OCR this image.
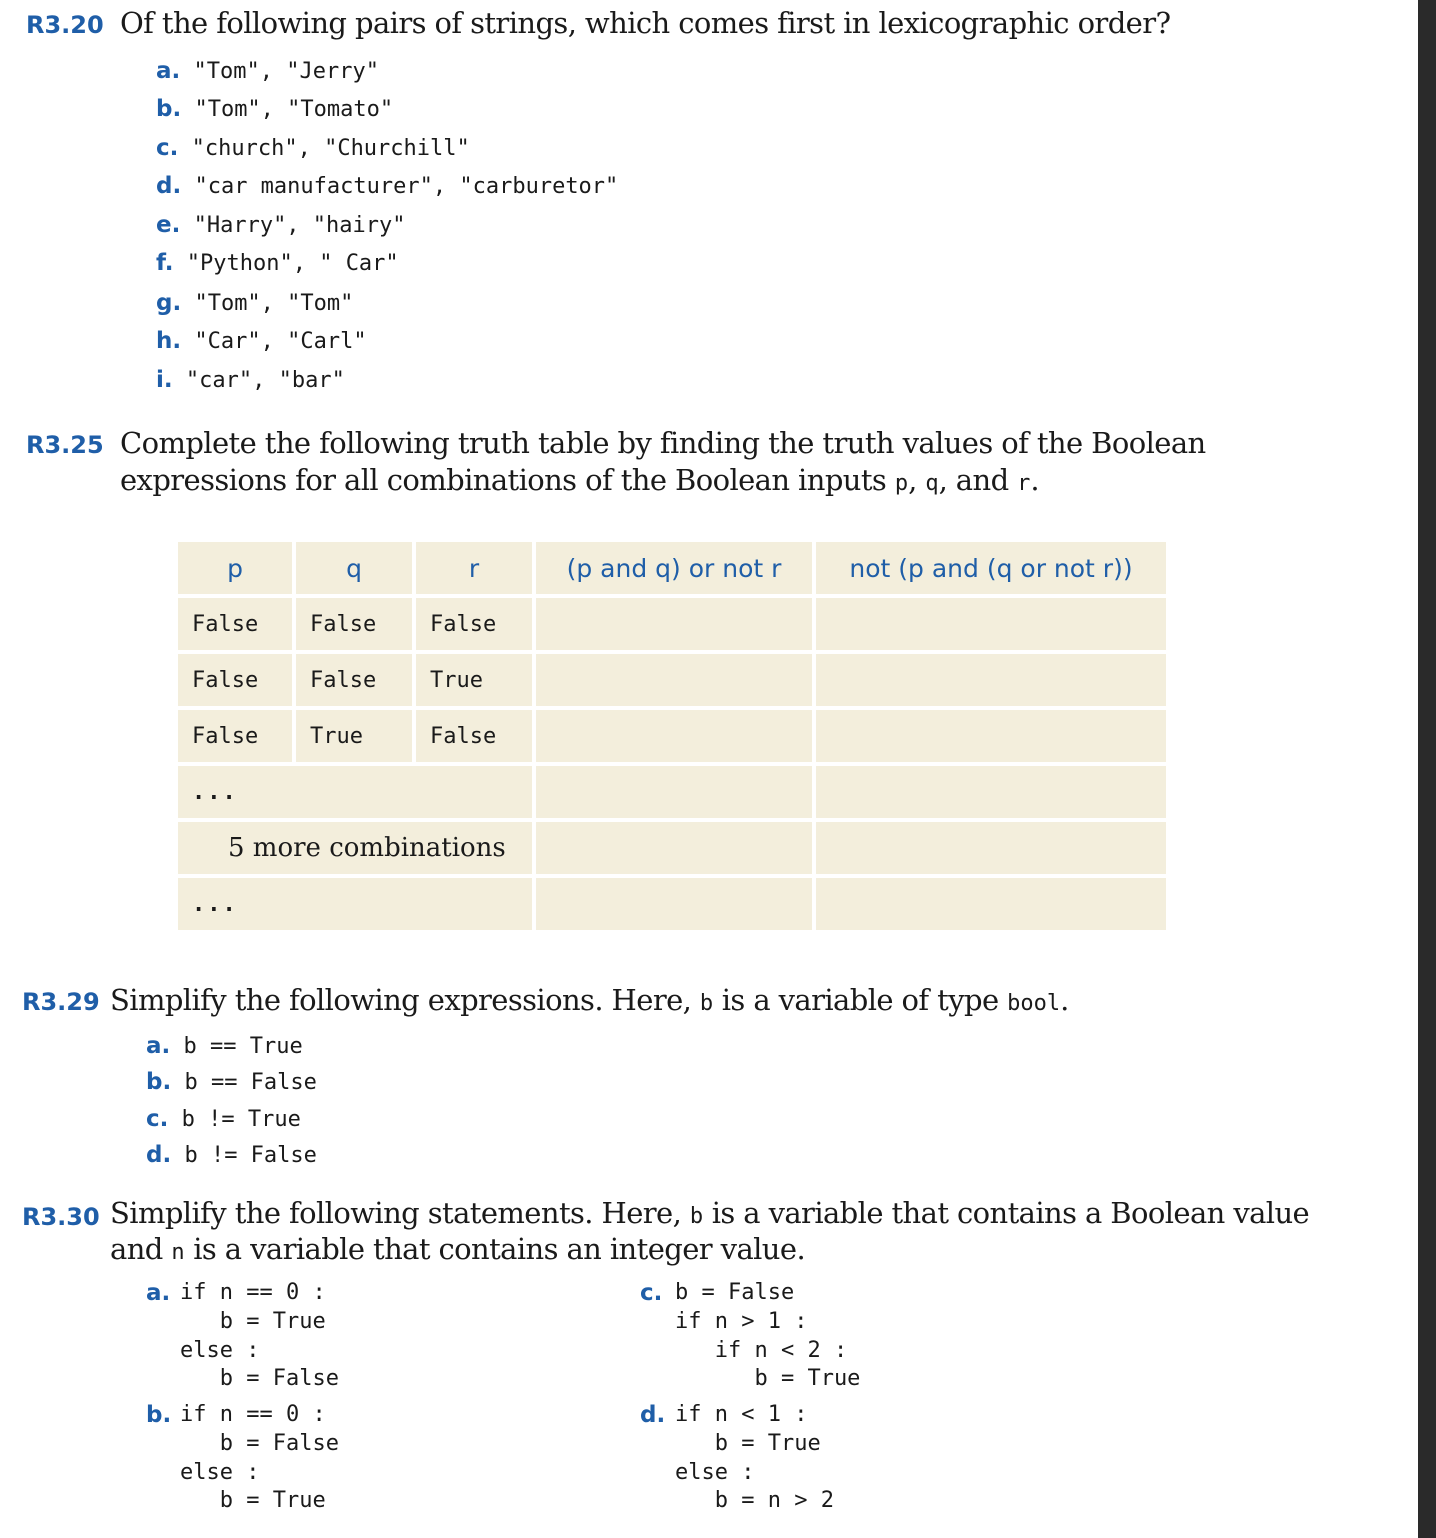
R3.20 Of the following pairs of strings, which comes first in lexicographic order?
a. "Tom", "Jerry"
b. "Tom", "Tomato"
c. "church", "Churchill"
d. "car manufacturer", "carburetor"
e. "Harry", "hairy"
f. "Python", " Car"
g. "Tom", "Tom"
h. "Car", "Carl"
i. "car", "bar"
R3.25 Complete the following truth table by finding the truth values of the Boolean
expressions for all combinations of the Boolean inputs p, q, and r.
p	q	r	(p and q) or not r	not (p and (q or not r))
False	False	False		
False	False	True		
False	True	False		
...				
5 more combinations				
...				
R3.29 Simplify the following expressions. Here, b is a variable of type bool.
a. b == True
b. b == False
c. b != True
d. b != False
R3.30 Simplify the following statements. Here, b is a variable that contains a Boolean value
and n is a variable that contains an integer value.
a. if n == 0 :
b = True
else :
b = False
b. if n == 0 :
b = False
else :
b = True
c. b = False
if n > 1 :
if n < 2 :
b = True
d. if n < 1 :
b = True
else :
b = n > 2
